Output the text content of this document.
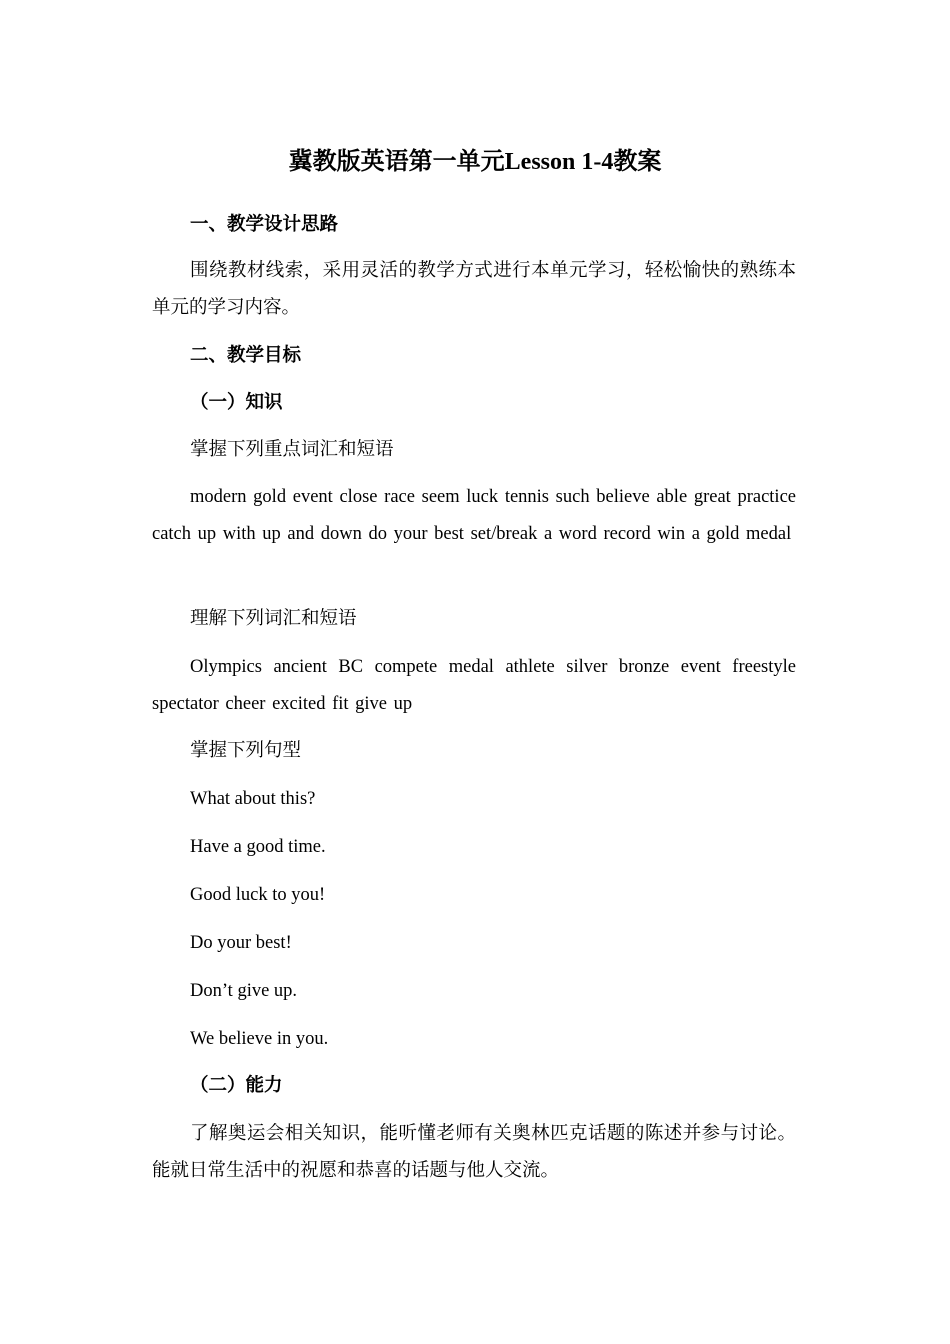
冀教版英语第一单元Lesson 1-4教案

一、教学设计思路

围绕教材线索，采用灵活的教学方式进行本单元学习，轻松愉快的熟练本单元的学习内容。

二、教学目标

（一）知识

掌握下列重点词汇和短语

modern gold event close race seem luck tennis such believe able great practice catch up with up and down do your best set/break a word record win a gold medal

理解下列词汇和短语

Olympics ancient BC compete medal athlete silver bronze event freestyle spectator cheer excited fit give up

掌握下列句型

What about this?

Have a good time.

Good luck to you!

Do your best!

Don’t give up.

We believe in you.

（二）能力

了解奥运会相关知识，能听懂老师有关奥林匹克话题的陈述并参与讨论。能就日常生活中的祝愿和恭喜的话题与他人交流。
